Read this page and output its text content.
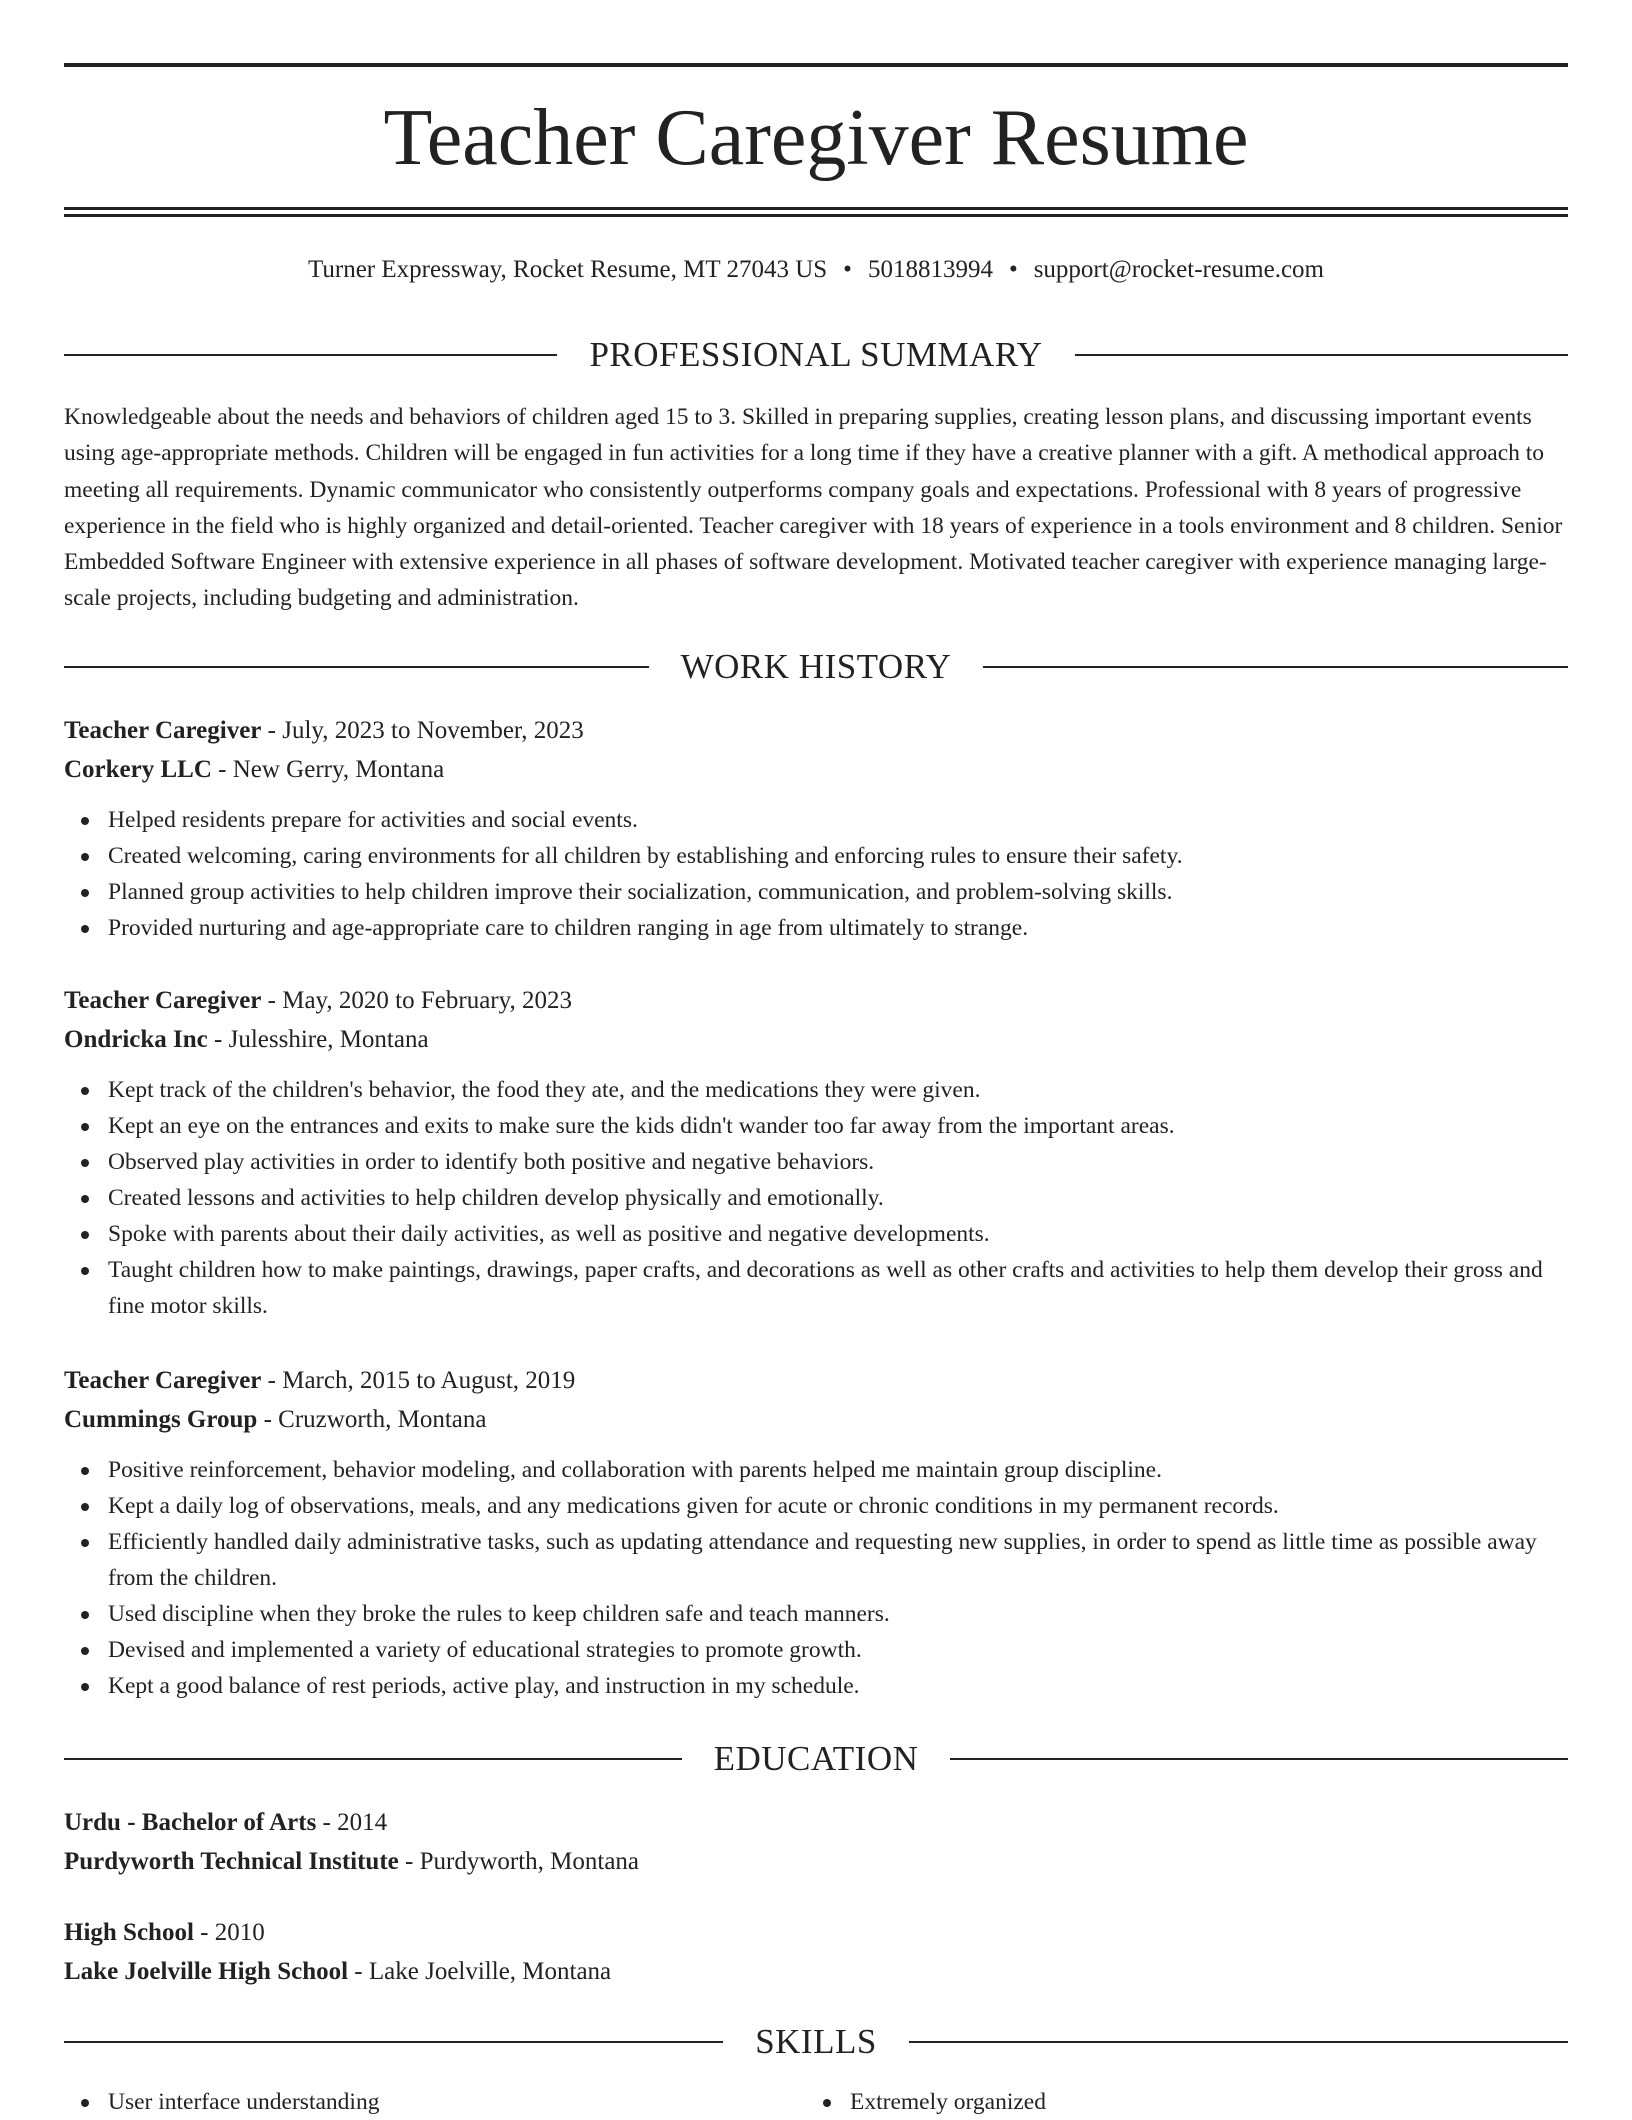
Teacher Caregiver Resume
Turner Expressway, Rocket Resume, MT 27043 US • 5018813994 • support@rocket-resume.com
PROFESSIONAL SUMMARY

Knowledgeable about the needs and behaviors of children aged 15 to 3. Skilled in preparing supplies, creating lesson plans, and discussing important events using age-appropriate methods. Children will be engaged in fun activities for a long time if they have a creative planner with a gift. A methodical approach to meeting all requirements. Dynamic communicator who consistently outperforms company goals and expectations. Professional with 8 years of progressive experience in the field who is highly organized and detail-oriented. Teacher caregiver with 18 years of experience in a tools environment and 8 children. Senior Embedded Software Engineer with extensive experience in all phases of software development. Motivated teacher caregiver with experience managing large-scale projects, including budgeting and administration.

WORK HISTORY
Teacher Caregiver - July, 2023 to November, 2023
Corkery LLC - New Gerry, Montana
Helped residents prepare for activities and social events.
Created welcoming, caring environments for all children by establishing and enforcing rules to ensure their safety.
Planned group activities to help children improve their socialization, communication, and problem-solving skills.
Provided nurturing and age-appropriate care to children ranging in age from ultimately to strange.
Teacher Caregiver - May, 2020 to February, 2023
Ondricka Inc - Julesshire, Montana
Kept track of the children's behavior, the food they ate, and the medications they were given.
Kept an eye on the entrances and exits to make sure the kids didn't wander too far away from the important areas.
Observed play activities in order to identify both positive and negative behaviors.
Created lessons and activities to help children develop physically and emotionally.
Spoke with parents about their daily activities, as well as positive and negative developments.
Taught children how to make paintings, drawings, paper crafts, and decorations as well as other crafts and activities to help them develop their gross and fine motor skills.
Teacher Caregiver - March, 2015 to August, 2019
Cummings Group - Cruzworth, Montana
Positive reinforcement, behavior modeling, and collaboration with parents helped me maintain group discipline.
Kept a daily log of observations, meals, and any medications given for acute or chronic conditions in my permanent records.
Efficiently handled daily administrative tasks, such as updating attendance and requesting new supplies, in order to spend as little time as possible away from the children.
Used discipline when they broke the rules to keep children safe and teach manners.
Devised and implemented a variety of educational strategies to promote growth.
Kept a good balance of rest periods, active play, and instruction in my schedule.
EDUCATION
Urdu - Bachelor of Arts - 2014
Purdyworth Technical Institute - Purdyworth, Montana
High School - 2010
Lake Joelville High School - Lake Joelville, Montana
SKILLS
User interface understanding	Extremely organized
